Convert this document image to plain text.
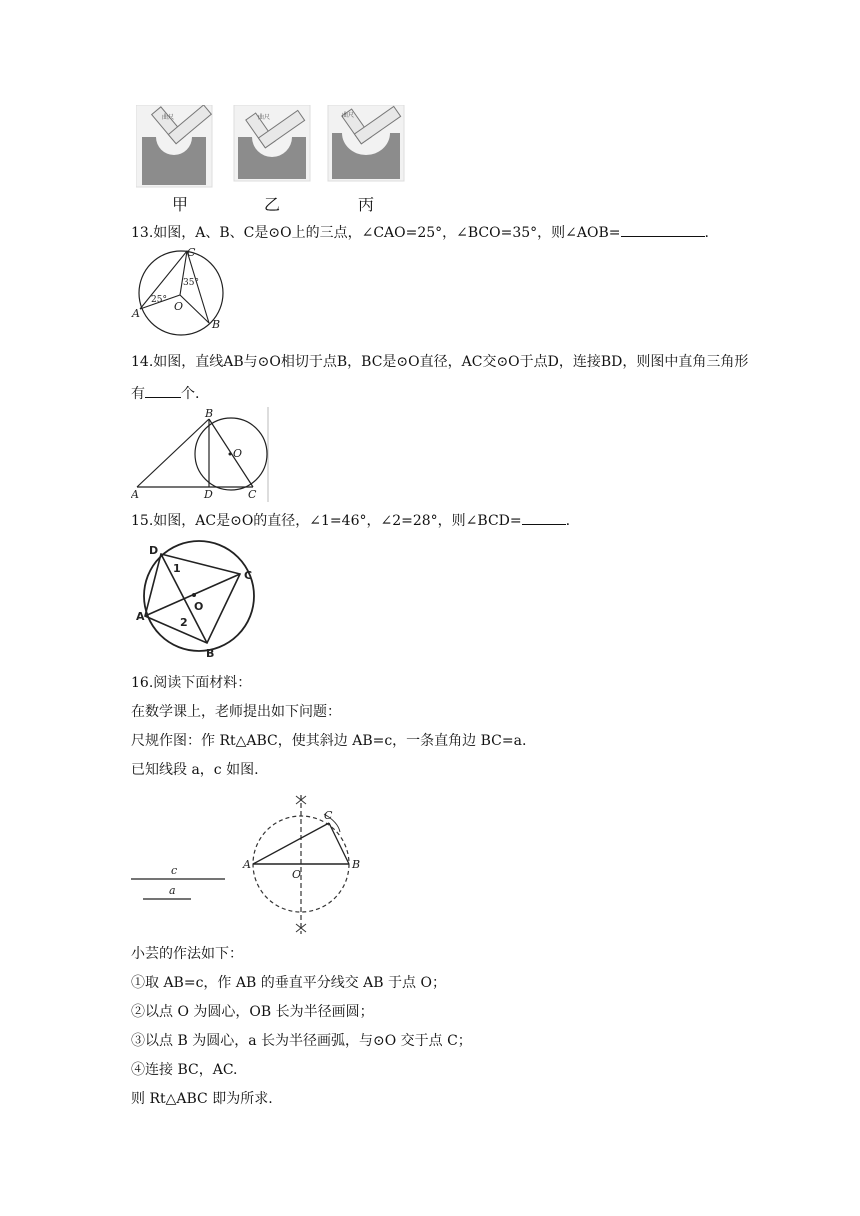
曲尺	曲尺	曲尺
甲	乙	丙
13.如图，A、B、C是⊙O上的三点，∠CAO=25°，∠BCO=35°，则∠AOB=	.
C
A
B
O
25°
35°
14.如图，直线AB与⊙O相切于点B，BC是⊙O直径，AC交⊙O于点D，连接BD，则图中直角三角形
有	个.
B
O
A	D	C
15.如图，AC是⊙O的直径，∠1=46°，∠2=28°，则∠BCD=	.
D
C
A
B
O
1
2
16.阅读下面材料：
在数学课上，老师提出如下问题：
尺规作图：作 Rt△ABC，使其斜边 AB=c，一条直角边 BC=a.
已知线段 a，c 如图.
c
a
A	B
C
O
小芸的作法如下：
①取 AB=c，作 AB 的垂直平分线交 AB 于点 O；
②以点 O 为圆心，OB 长为半径画圆；
③以点 B 为圆心，a 长为半径画弧，与⊙O 交于点 C；
④连接 BC，AC.
则 Rt△ABC 即为所求.
